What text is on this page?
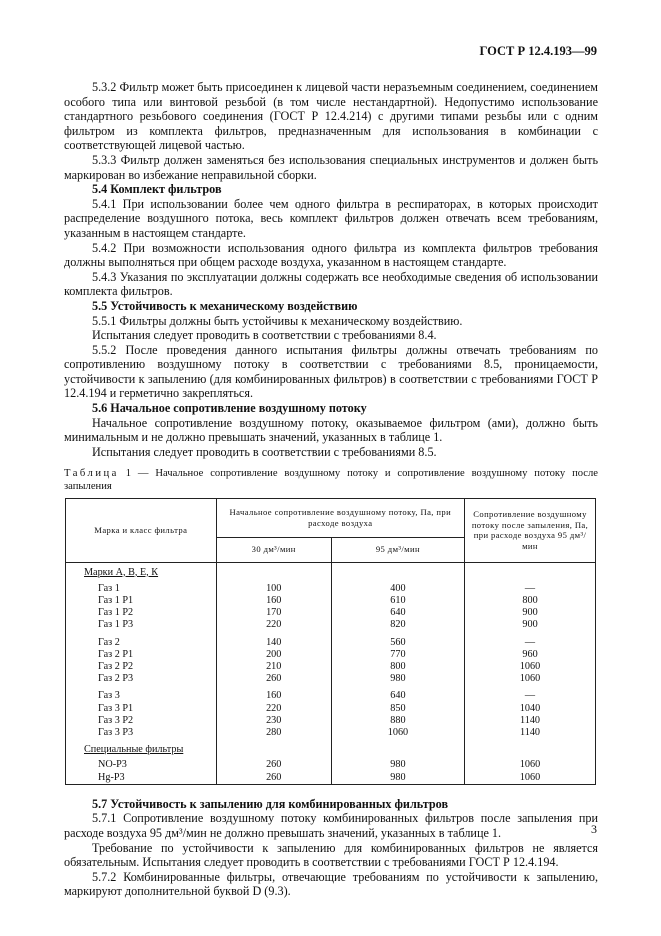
ГОСТ Р 12.4.193—99

5.3.2 Фильтр может быть присоединен к лицевой части неразъемным соединением, соединением особого типа или винтовой резьбой (в том числе нестандартной). Недопустимо использование стандартного резьбового соединения (ГОСТ Р 12.4.214) с другими типами резьбы или с одним фильтром из комплекта фильтров, предназначенным для использования в комбинации с соответствующей лицевой частью.

5.3.3 Фильтр должен заменяться без использования специальных инструментов и должен быть маркирован во избежание неправильной сборки.

5.4 Комплект фильтров

5.4.1 При использовании более чем одного фильтра в респираторах, в которых происходит распределение воздушного потока, весь комплект фильтров должен отвечать всем требованиям, указанным в настоящем стандарте.

5.4.2 При возможности использования одного фильтра из комплекта фильтров требования должны выполняться при общем расходе воздуха, указанном в настоящем стандарте.

5.4.3 Указания по эксплуатации должны содержать все необходимые сведения об использовании комплекта фильтров.

5.5 Устойчивость к механическому воздействию

5.5.1 Фильтры должны быть устойчивы к механическому воздействию.

Испытания следует проводить в соответствии с требованиями 8.4.

5.5.2 После проведения данного испытания фильтры должны отвечать требованиям по сопротивлению воздушному потоку в соответствии с требованиями 8.5, проницаемости, устойчивости к запылению (для комбинированных фильтров) в соответствии с требованиями ГОСТ Р 12.4.194 и герметично закрепляться.

5.6 Начальное сопротивление воздушному потоку

Начальное сопротивление воздушному потоку, оказываемое фильтром (ами), должно быть минимальным и не должно превышать значений, указанных в таблице 1.

Испытания следует проводить в соответствии с требованиями 8.5.

Таблица 1 — Начальное сопротивление воздушному потоку и сопротивление воздушному потоку после запыления

Марка и класс фильтра	Начальное сопротивление воздушному потоку, Па, при расходе воздуха		Сопротивление воздушному потоку после запыления, Па, при расходе воздуха 95 дм³/мин
	30 дм³/мин	95 дм³/мин	
Марки А, В, Е, К			

Газ 1	100	400	—
Газ 1 Р1	160	610	800
Газ 1 Р2	170	640	900
Газ 1 Р3	220	820	900

Газ 2	140	560	—
Газ 2 Р1	200	770	960
Газ 2 Р2	210	800	1060
Газ 2 Р3	260	980	1060

Газ 3	160	640	—
Газ 3 Р1	220	850	1040
Газ 3 Р2	230	880	1140
Газ 3 Р3	280	1060	1140

Специальные фильтры			

NO-Р3	260	980	1060
Hg-Р3	260	980	1060

5.7 Устойчивость к запылению для комбинированных фильтров

5.7.1 Сопротивление воздушному потоку комбинированных фильтров после запыления при расходе воздуха 95 дм³/мин не должно превышать значений, указанных в таблице 1.

Требование по устойчивости к запылению для комбинированных фильтров не является обязательным. Испытания следует проводить в соответствии с требованиями ГОСТ Р 12.4.194.

5.7.2 Комбинированные фильтры, отвечающие требованиям по устойчивости к запылению, маркируют дополнительной буквой D (9.3).

3
